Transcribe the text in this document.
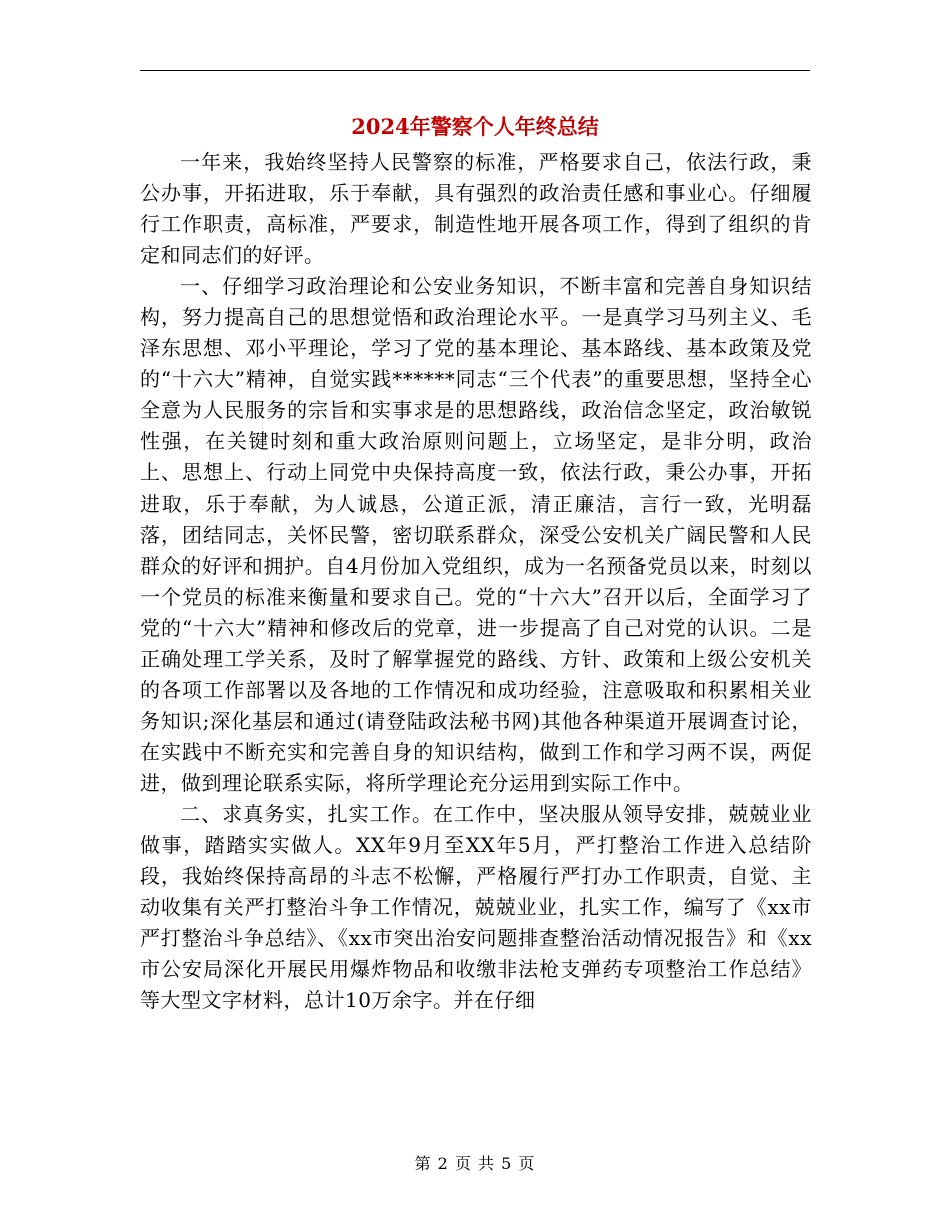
2024年警察个人年终总结

一年来，我始终坚持人民警察的标准，严格要求自己，依法行政，秉公办事，开拓进取，乐于奉献，具有强烈的政治责任感和事业心。仔细履行工作职责，高标准，严要求，制造性地开展各项工作，得到了组织的肯定和同志们的好评。

一、仔细学习政治理论和公安业务知识，不断丰富和完善自身知识结构，努力提高自己的思想觉悟和政治理论水平。一是真学习马列主义、毛泽东思想、邓小平理论，学习了党的基本理论、基本路线、基本政策及党的“十六大”精神，自觉实践******同志“三个代表”的重要思想，坚持全心全意为人民服务的宗旨和实事求是的思想路线，政治信念坚定，政治敏锐性强，在关键时刻和重大政治原则问题上，立场坚定，是非分明，政治上、思想上、行动上同党中央保持高度一致，依法行政，秉公办事，开拓进取，乐于奉献，为人诚恳，公道正派，清正廉洁，言行一致，光明磊落，团结同志，关怀民警，密切联系群众，深受公安机关广阔民警和人民群众的好评和拥护。自4月份加入党组织，成为一名预备党员以来，时刻以一个党员的标准来衡量和要求自己。党的“十六大”召开以后，全面学习了党的“十六大”精神和修改后的党章，进一步提高了自己对党的认识。二是正确处理工学关系，及时了解掌握党的路线、方针、政策和上级公安机关的各项工作部署以及各地的工作情况和成功经验，注意吸取和积累相关业务知识;深化基层和通过(请登陆政法秘书网)其他各种渠道开展调查讨论，在实践中不断充实和完善自身的知识结构，做到工作和学习两不误，两促进，做到理论联系实际，将所学理论充分运用到实际工作中。

二、求真务实，扎实工作。在工作中，坚决服从领导安排，兢兢业业做事，踏踏实实做人。XX年9月至XX年5月，严打整治工作进入总结阶段，我始终保持高昂的斗志不松懈，严格履行严打办工作职责，自觉、主动收集有关严打整治斗争工作情况，兢兢业业，扎实工作，编写了《xx市严打整治斗争总结》、《xx市突出治安问题排查整治活动情况报告》和《xx市公安局深化开展民用爆炸物品和收缴非法枪支弹药专项整治工作总结》等大型文字材料，总计10万余字。并在仔细

第 2 页 共 5 页
